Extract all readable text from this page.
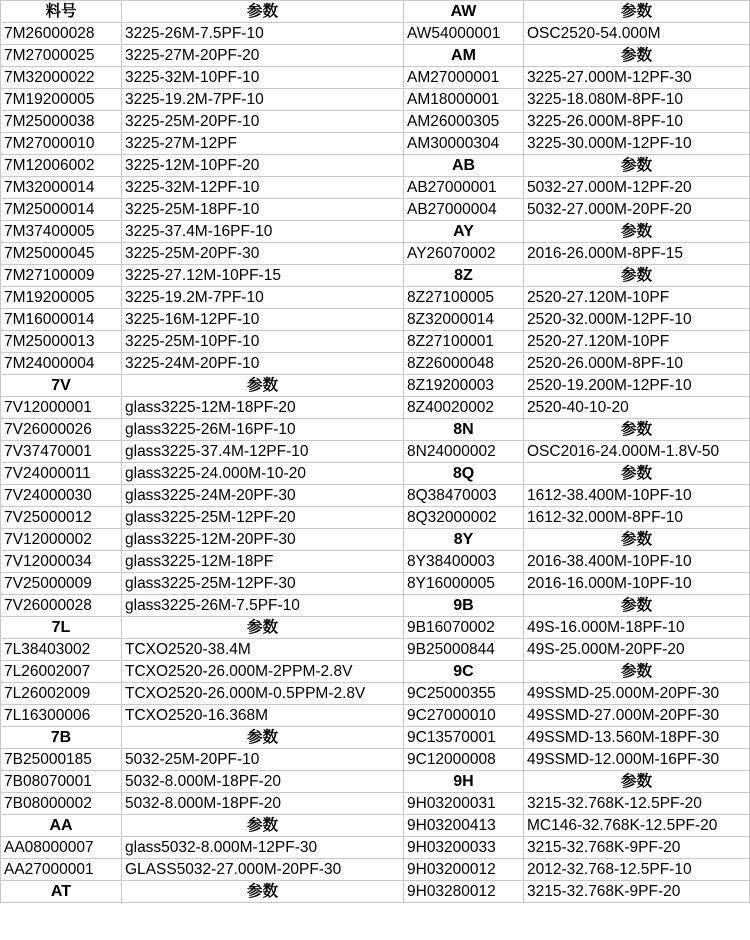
料号	参数	AW	参数
7M26000028	3225-26M-7.5PF-10	AW54000001	OSC2520-54.000M
7M27000025	3225-27M-20PF-20	AM	参数
7M32000022	3225-32M-10PF-10	AM27000001	3225-27.000M-12PF-30
7M19200005	3225-19.2M-7PF-10	AM18000001	3225-18.080M-8PF-10
7M25000038	3225-25M-20PF-10	AM26000305	3225-26.000M-8PF-10
7M27000010	3225-27M-12PF	AM30000304	3225-30.000M-12PF-10
7M12006002	3225-12M-10PF-20	AB	参数
7M32000014	3225-32M-12PF-10	AB27000001	5032-27.000M-12PF-20
7M25000014	3225-25M-18PF-10	AB27000004	5032-27.000M-20PF-20
7M37400005	3225-37.4M-16PF-10	AY	参数
7M25000045	3225-25M-20PF-30	AY26070002	2016-26.000M-8PF-15
7M27100009	3225-27.12M-10PF-15	8Z	参数
7M19200005	3225-19.2M-7PF-10	8Z27100005	2520-27.120M-10PF
7M16000014	3225-16M-12PF-10	8Z32000014	2520-32.000M-12PF-10
7M25000013	3225-25M-10PF-10	8Z27100001	2520-27.120M-10PF
7M24000004	3225-24M-20PF-10	8Z26000048	2520-26.000M-8PF-10
7V	参数	8Z19200003	2520-19.200M-12PF-10
7V12000001	glass3225-12M-18PF-20	8Z40020002	2520-40-10-20
7V26000026	glass3225-26M-16PF-10	8N	参数
7V37470001	glass3225-37.4M-12PF-10	8N24000002	OSC2016-24.000M-1.8V-50
7V24000011	glass3225-24.000M-10-20	8Q	参数
7V24000030	glass3225-24M-20PF-30	8Q38470003	1612-38.400M-10PF-10
7V25000012	glass3225-25M-12PF-20	8Q32000002	1612-32.000M-8PF-10
7V12000002	glass3225-12M-20PF-30	8Y	参数
7V12000034	glass3225-12M-18PF	8Y38400003	2016-38.400M-10PF-10
7V25000009	glass3225-25M-12PF-30	8Y16000005	2016-16.000M-10PF-10
7V26000028	glass3225-26M-7.5PF-10	9B	参数
7L	参数	9B16070002	49S-16.000M-18PF-10
7L38403002	TCXO2520-38.4M	9B25000844	49S-25.000M-20PF-20
7L26002007	TCXO2520-26.000M-2PPM-2.8V	9C	参数
7L26002009	TCXO2520-26.000M-0.5PPM-2.8V	9C25000355	49SSMD-25.000M-20PF-30
7L16300006	TCXO2520-16.368M	9C27000010	49SSMD-27.000M-20PF-30
7B	参数	9C13570001	49SSMD-13.560M-18PF-30
7B25000185	5032-25M-20PF-10	9C12000008	49SSMD-12.000M-16PF-30
7B08070001	5032-8.000M-18PF-20	9H	参数
7B08000002	5032-8.000M-18PF-20	9H03200031	3215-32.768K-12.5PF-20
AA	参数	9H03200413	MC146-32.768K-12.5PF-20
AA08000007	glass5032-8.000M-12PF-30	9H03200033	3215-32.768K-9PF-20
AA27000001	GLASS5032-27.000M-20PF-30	9H03200012	2012-32.768-12.5PF-10
AT	参数	9H03280012	3215-32.768K-9PF-20
